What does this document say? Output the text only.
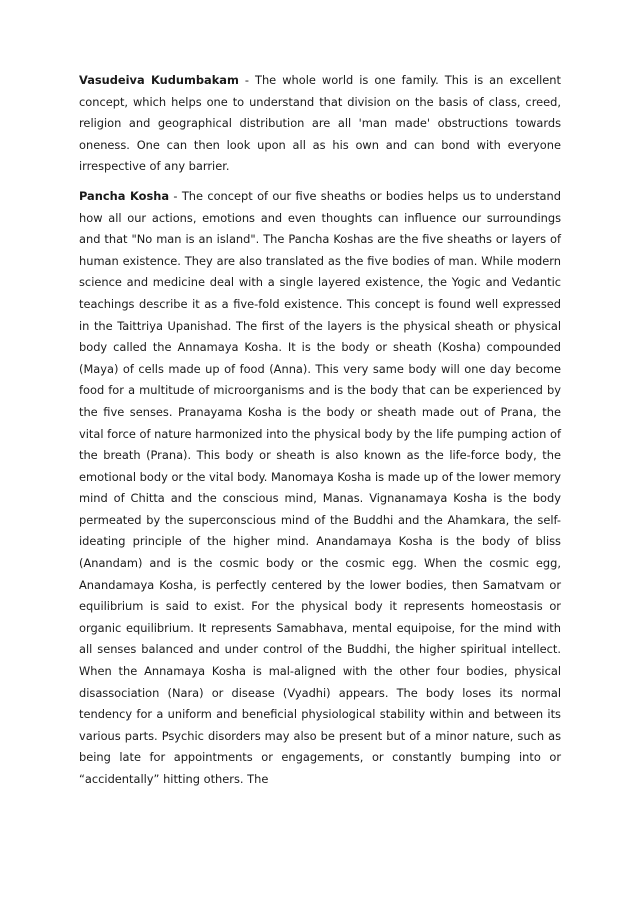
Vasudeiva Kudumbakam - The whole world is one family. This is an excellent concept, which helps one to understand that division on the basis of class, creed, religion and geographical distribution are all 'man made' obstructions towards oneness. One can then look upon all as his own and can bond with everyone irrespective of any barrier.

Pancha Kosha - The concept of our five sheaths or bodies helps us to understand how all our actions, emotions and even thoughts can influence our surroundings and that "No man is an island". The Pancha Koshas are the five sheaths or layers of human existence. They are also translated as the five bodies of man. While modern science and medicine deal with a single layered existence, the Yogic and Vedantic teachings describe it as a five-fold existence. This concept is found well expressed in the Taittriya Upanishad. The first of the layers is the physical sheath or physical body called the Annamaya Kosha. It is the body or sheath (Kosha) compounded (Maya) of cells made up of food (Anna). This very same body will one day become food for a multitude of microorganisms and is the body that can be experienced by the five senses. Pranayama Kosha is the body or sheath made out of Prana, the vital force of nature harmonized into the physical body by the life pumping action of the breath (Prana). This body or sheath is also known as the life-force body, the emotional body or the vital body. Manomaya Kosha is made up of the lower memory mind of Chitta and the conscious mind, Manas. Vignanamaya Kosha is the body permeated by the superconscious mind of the Buddhi and the Ahamkara, the self-ideating principle of the higher mind. Anandamaya Kosha is the body of bliss (Anandam) and is the cosmic body or the cosmic egg. When the cosmic egg, Anandamaya Kosha, is perfectly centered by the lower bodies, then Samatvam or equilibrium is said to exist. For the physical body it represents homeostasis or organic equilibrium. It represents Samabhava, mental equipoise, for the mind with all senses balanced and under control of the Buddhi, the higher spiritual intellect. When the Annamaya Kosha is mal-aligned with the other four bodies, physical disassociation (Nara) or disease (Vyadhi) appears. The body loses its normal tendency for a uniform and beneficial physiological stability within and between its various parts. Psychic disorders may also be present but of a minor nature, such as being late for appointments or engagements, or constantly bumping into or “accidentally” hitting others. The
